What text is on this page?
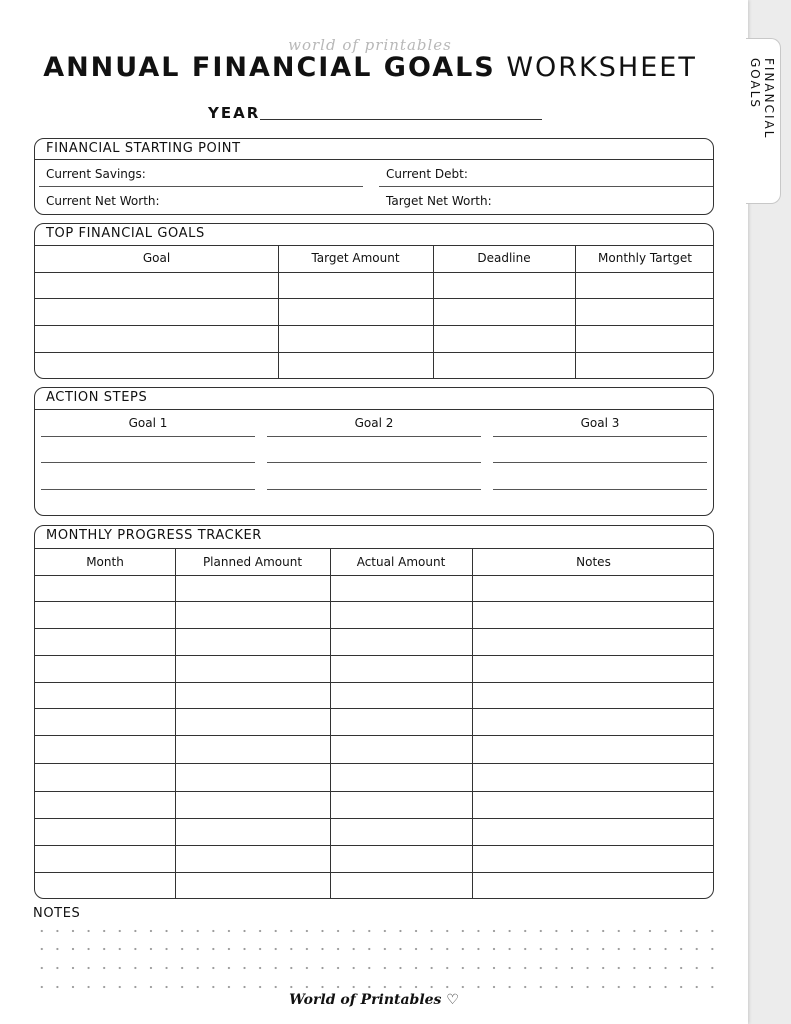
FINANCIAL GOALS
world of printables
ANNUAL FINANCIAL GOALS WORKSHEET
YEAR
FINANCIAL STARTING POINT
Current Savings:	Current Debt:
Current Net Worth:	Target Net Worth:
TOP FINANCIAL GOALS
Goal	Target Amount	Deadline	Monthly Tartget
ACTION STEPS
Goal 1	Goal 2	Goal 3
MONTHLY PROGRESS TRACKER
Month	Planned Amount	Actual Amount	Notes
NOTES
World of Printables ♡
